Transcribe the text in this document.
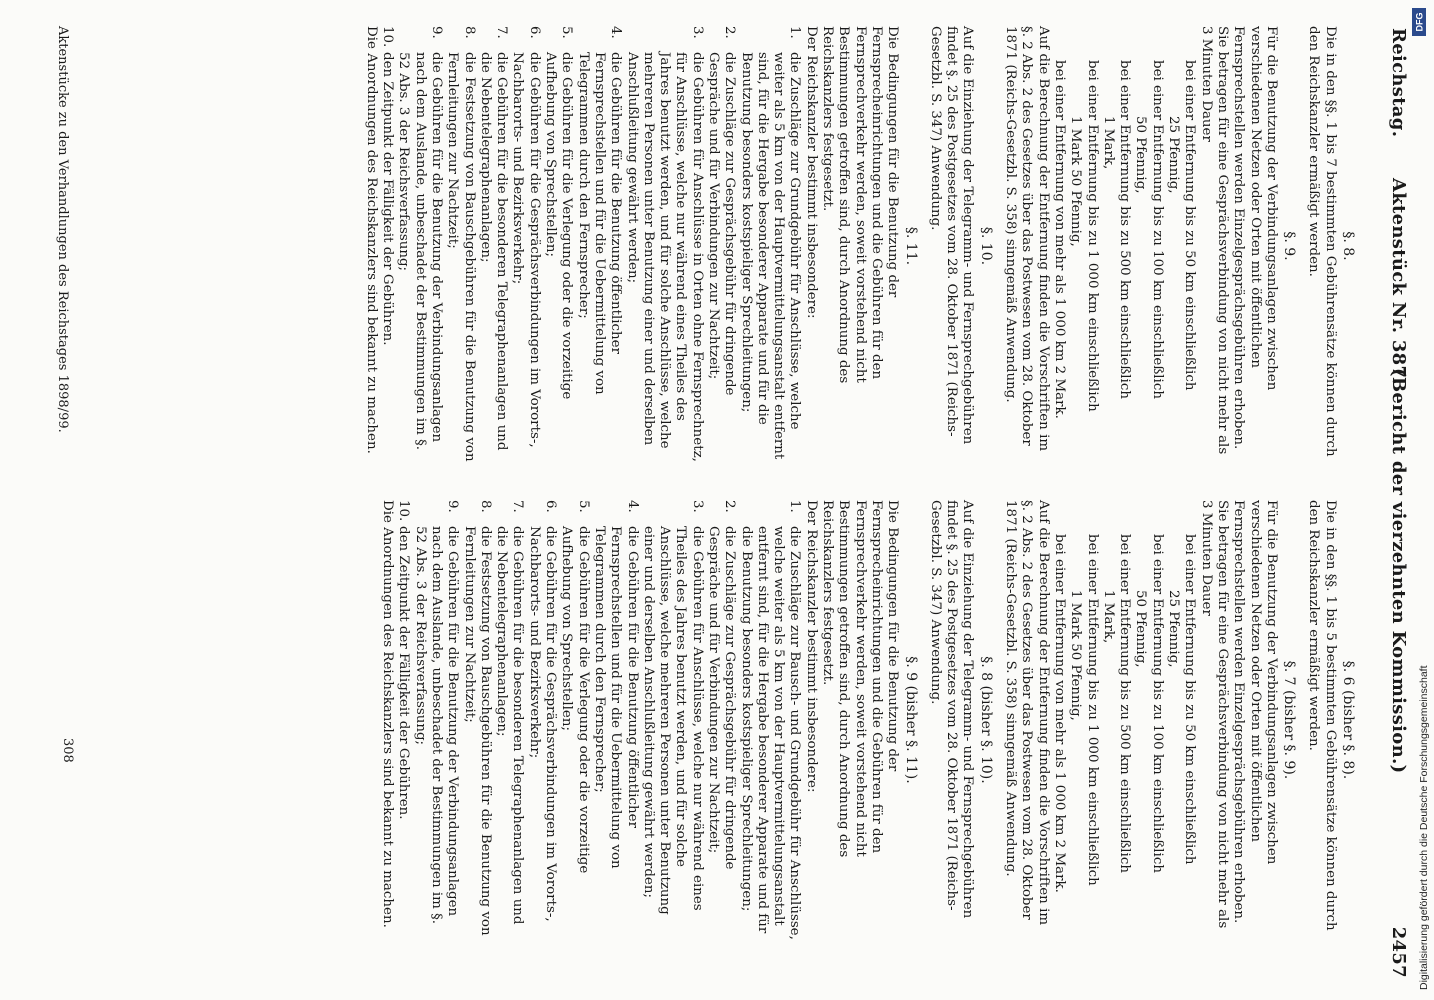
Reichstag.
Aktenstück Nr. 387.
(Bericht der vierzehnten Kommission.)
2457
§. 8.

Die in den §§. 1 bis 7 bestimmten Gebührensätze können durch den Reichskanzler ermäßigt werden.

§. 9.

Für die Benutzung der Verbindungsanlagen zwischen verschiedenen Netzen oder Orten mit öffentlichen Fernsprechstellen werden Einzelgesprächsgebühren erhoben. Sie betragen für eine Gesprächsverbindung von nicht mehr als 3 Minuten Dauer

bei einer Entfernung bis zu 50 km einschließlich
25 Pfennig,
bei einer Entfernung bis zu 100 km einschließlich
50 Pfennig,
bei einer Entfernung bis zu 500 km einschließlich
1 Mark,
bei einer Entfernung bis zu 1 000 km einschließlich
1 Mark 50 Pfennig,
bei einer Entfernung von mehr als 1 000 km 2 Mark.

Auf die Berechnung der Entfernung finden die Vorschriften im §. 2 Abs. 2 des Gesetzes über das Postwesen vom 28. Oktober 1871 (Reichs-Gesetzbl. S. 358) sinngemäß Anwendung.

§. 10.

Auf die Einziehung der Telegramm- und Fernsprechgebühren findet §. 25 des Postgesetzes vom 28. Oktober 1871 (Reichs-Gesetzbl. S. 347) Anwendung.

§. 11.

Die Bedingungen für die Benutzung der Fernsprecheinrichtungen und die Gebühren für den Fernsprechverkehr werden, soweit vorstehend nicht Bestimmungen getroffen sind, durch Anordnung des Reichskanzlers festgesetzt.

Der Reichskanzler bestimmt insbesondere:

1.
die Zuschläge zur Grundgebühr für Anschlüsse, welche weiter als 5 km von der Hauptvermittelungsanstalt entfernt sind, für die Hergabe besonderer Apparate und für die Benutzung besonders kostspieliger Sprechleitungen;
2.
die Zuschläge zur Gesprächsgebühr für dringende Gespräche und für Verbindungen zur Nachtzeit;
3.
die Gebühren für Anschlüsse in Orten ohne Fernsprechnetz, für Anschlüsse, welche nur während eines Theiles des Jahres benutzt werden, und für solche Anschlüsse, welche mehreren Personen unter Benutzung einer und derselben Anschlußleitung gewährt werden;
4.
die Gebühren für die Benutzung öffentlicher Fernsprechstellen und für die Uebermittelung von Telegrammen durch den Fernsprecher;
5.
die Gebühren für die Verlegung oder die vorzeitige Aufhebung von Sprechstellen;
6.
die Gebühren für die Gesprächsverbindungen im Vororts-, Nachbarorts- und Bezirksverkehr;
7.
die Gebühren für die besonderen Telegraphenanlagen und die Nebentelegraphenanlagen;
8.
die Festsetzung von Bauschgebühren für die Benutzung von Fernleitungen zur Nachtzeit;
9.
die Gebühren für die Benutzung der Verbindungsanlagen nach dem Auslande, unbeschadet der Bestimmungen im §. 52 Abs. 3 der Reichsverfassung;
10.
den Zeitpunkt der Fälligkeit der Gebühren.

Die Anordnungen des Reichskanzlers sind bekannt zu machen.

§. 6 (bisher §. 8).

Die in den §§. 1 bis 5 bestimmten Gebührensätze können durch den Reichskanzler ermäßigt werden.

§. 7 (bisher §. 9).

Für die Benutzung der Verbindungsanlagen zwischen verschiedenen Netzen oder Orten mit öffentlichen Fernsprechstellen werden Einzelgesprächsgebühren erhoben. Sie betragen für eine Gesprächsverbindung von nicht mehr als 3 Minuten Dauer

bei einer Entfernung bis zu 50 km einschließlich
25 Pfennig,
bei einer Entfernung bis zu 100 km einschließlich
50 Pfennig,
bei einer Entfernung bis zu 500 km einschließlich
1 Mark,
bei einer Entfernung bis zu 1 000 km einschließlich
1 Mark 50 Pfennig,
bei einer Entfernung von mehr als 1 000 km 2 Mark.

Auf die Berechnung der Entfernung finden die Vorschriften im §. 2 Abs. 2 des Gesetzes über das Postwesen vom 28. Oktober 1871 (Reichs-Gesetzbl. S. 358) sinngemäß Anwendung.

§. 8 (bisher §. 10).

Auf die Einziehung der Telegramm- und Fernsprechgebühren findet §. 25 des Postgesetzes vom 28. Oktober 1871 (Reichs-Gesetzbl. S. 347) Anwendung.

§. 9 (bisher §. 11).

Die Bedingungen für die Benutzung der Fernsprecheinrichtungen und die Gebühren für den Fernsprechverkehr werden, soweit vorstehend nicht Bestimmungen getroffen sind, durch Anordnung des Reichskanzlers festgesetzt.

Der Reichskanzler bestimmt insbesondere:

1.
die Zuschläge zur Bausch- und Grundgebühr für Anschlüsse, welche weiter als 5 km von der Hauptvermittelungsanstalt entfernt sind, für die Hergabe besonderer Apparate und für die Benutzung besonders kostspieliger Sprechleitungen;
2.
die Zuschläge zur Gesprächsgebühr für dringende Gespräche und für Verbindungen zur Nachtzeit;
3.
die Gebühren für Anschlüsse, welche nur während eines Theiles des Jahres benutzt werden, und für solche Anschlüsse, welche mehreren Personen unter Benutzung einer und derselben Anschlußleitung gewährt werden;
4.
die Gebühren für die Benutzung öffentlicher Fernsprechstellen und für die Uebermittelung von Telegrammen durch den Fernsprecher;
5.
die Gebühren für die Verlegung oder die vorzeitige Aufhebung von Sprechstellen;
6.
die Gebühren für die Gesprächsverbindungen im Vororts-, Nachbarorts- und Bezirksverkehr;
7.
die Gebühren für die besonderen Telegraphenanlagen und die Nebentelegraphenanlagen;
8.
die Festsetzung von Bauschgebühren für die Benutzung von Fernleitungen zur Nachtzeit;
9.
die Gebühren für die Benutzung der Verbindungsanlagen nach dem Auslande, unbeschadet der Bestimmungen im §. 52 Abs. 3 der Reichsverfassung;
10.
den Zeitpunkt der Fälligkeit der Gebühren.

Die Anordnungen des Reichskanzlers sind bekannt zu machen.

Aktenstücke zu den Verhandlungen des Reichstages 1898/99.
308
DFG
Digitalisierung gefördert durch die Deutsche Forschungsgemeinschaft
